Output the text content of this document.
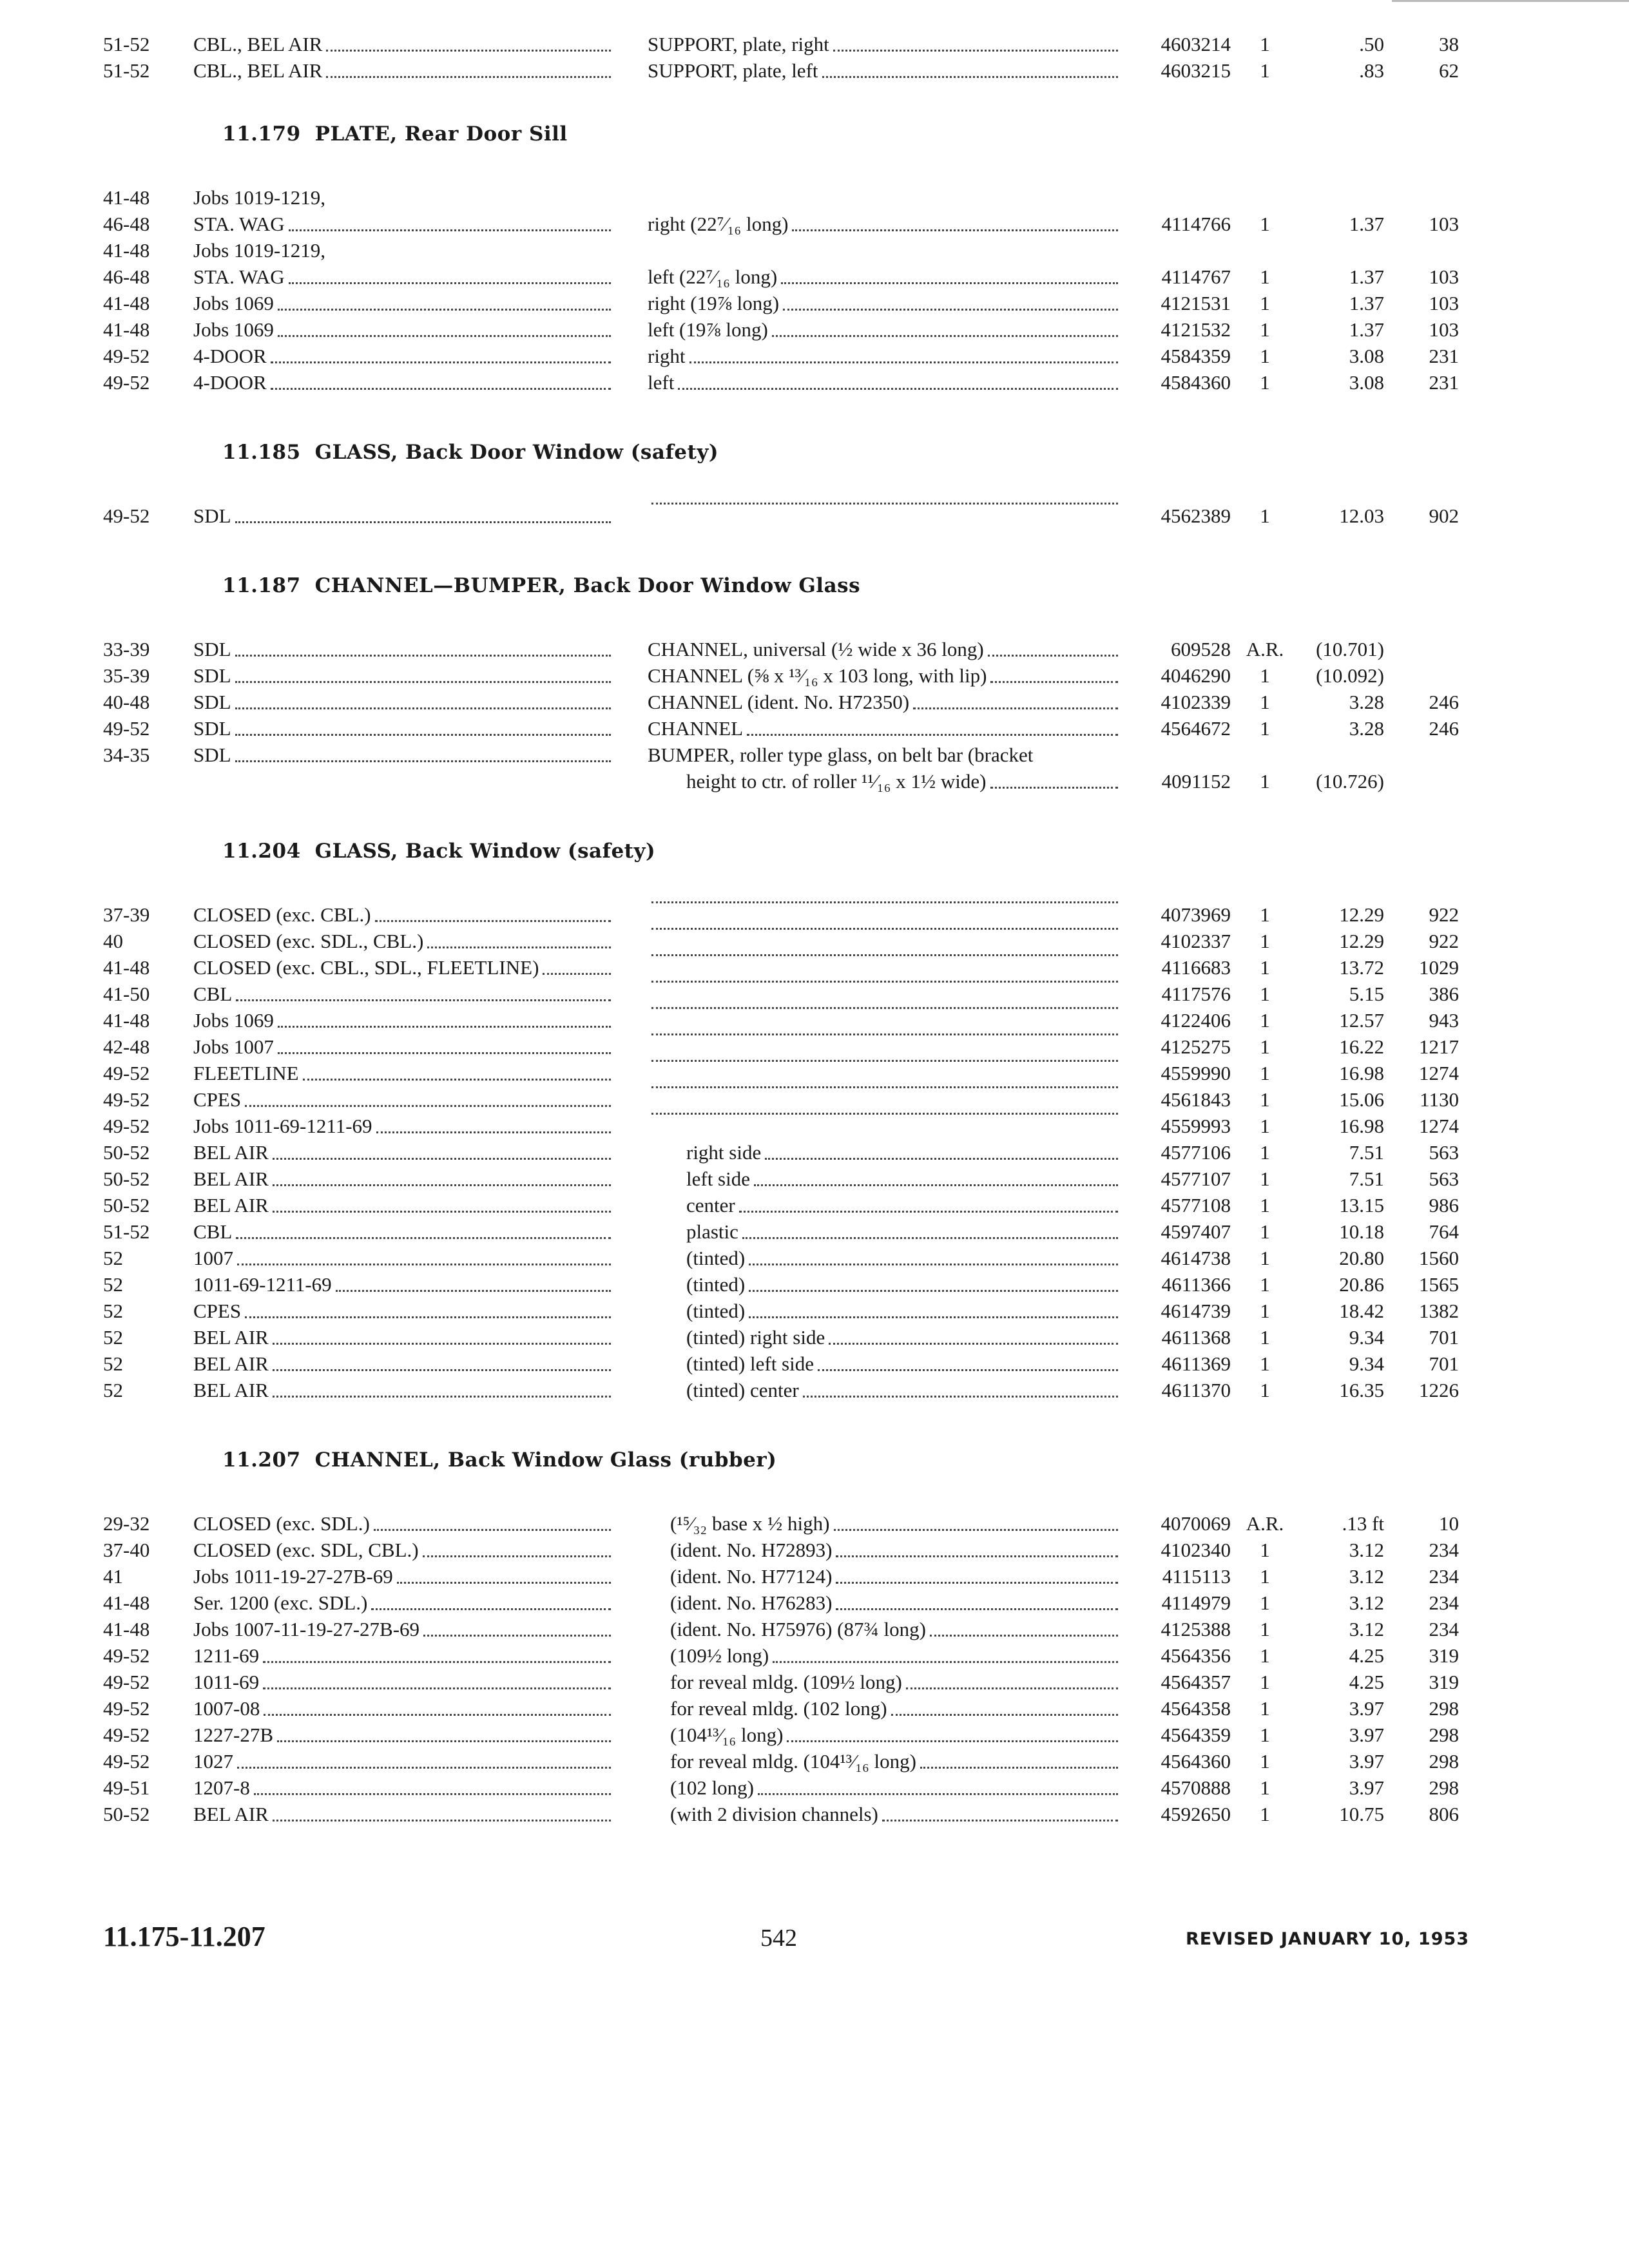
51-52	CBL., BEL AIR	SUPPORT, plate, right	4603214	1	.50	38
51-52	CBL., BEL AIR	SUPPORT, plate, left	4603215	1	.83	62
11.179 PLATE, Rear Door Sill
41-48	Jobs 1019-1219,
46-48	STA. WAG	right (22⁷⁄₁₆ long)	4114766	1	1.37	103
41-48	Jobs 1019-1219,
46-48	STA. WAG	left (22⁷⁄₁₆ long)	4114767	1	1.37	103
41-48	Jobs 1069	right (19⅞ long)	4121531	1	1.37	103
41-48	Jobs 1069	left (19⅞ long)	4121532	1	1.37	103
49-52	4-DOOR	right	4584359	1	3.08	231
49-52	4-DOOR	left	4584360	1	3.08	231
11.185 GLASS, Back Door Window (safety)
49-52	SDL	4562389	1	12.03	902
11.187 CHANNEL—BUMPER, Back Door Window Glass
33-39	SDL	CHANNEL, universal (½ wide x 36 long)	609528 A.R.	(10.701)
35-39	SDL	CHANNEL (⅝ x ¹³⁄₁₆ x 103 long, with lip)	4046290	1	(10.092)
40-48	SDL	CHANNEL (ident. No. H72350)	4102339	1	3.28	246
49-52	SDL	CHANNEL	4564672	1	3.28	246
34-35	SDL	BUMPER, roller type glass, on belt bar (bracket
height to ctr. of roller ¹¹⁄₁₆ x 1½ wide)	4091152	1	(10.726)
11.204 GLASS, Back Window (safety)
37-39	CLOSED (exc. CBL.)	4073969	1	12.29	922
40	CLOSED (exc. SDL., CBL.)	4102337	1	12.29	922
41-48	CLOSED (exc. CBL., SDL., FLEETLINE)	4116683	1	13.72	1029
41-50	CBL	4117576	1	5.15	386
41-48	Jobs 1069	4122406	1	12.57	943
42-48	Jobs 1007	4125275	1	16.22	1217
49-52	FLEETLINE	4559990	1	16.98	1274
49-52	CPES	4561843	1	15.06	1130
49-52	Jobs 1011-69-1211-69	4559993	1	16.98	1274
50-52	BEL AIR	right side	4577106	1	7.51	563
50-52	BEL AIR	left side	4577107	1	7.51	563
50-52	BEL AIR	center	4577108	1	13.15	986
51-52	CBL	plastic	4597407	1	10.18	764
52	1007	(tinted)	4614738	1	20.80	1560
52	1011-69-1211-69	(tinted)	4611366	1	20.86	1565
52	CPES	(tinted)	4614739	1	18.42	1382
52	BEL AIR	(tinted) right side	4611368	1	9.34	701
52	BEL AIR	(tinted) left side	4611369	1	9.34	701
52	BEL AIR	(tinted) center	4611370	1	16.35	1226
11.207 CHANNEL, Back Window Glass (rubber)
29-32	CLOSED (exc. SDL.)	(¹⁵⁄₃₂ base x ½ high)	4070069 A.R.	.13 ft	10
37-40	CLOSED (exc. SDL, CBL.)	(ident. No. H72893)	4102340	1	3.12	234
41	Jobs 1011-19-27-27B-69	(ident. No. H77124)	4115113	1	3.12	234
41-48	Ser. 1200 (exc. SDL.)	(ident. No. H76283)	4114979	1	3.12	234
41-48	Jobs 1007-11-19-27-27B-69	(ident. No. H75976) (87¾ long)	4125388	1	3.12	234
49-52	1211-69	(109½ long)	4564356	1	4.25	319
49-52	1011-69	for reveal mldg. (109½ long)	4564357	1	4.25	319
49-52	1007-08	for reveal mldg. (102 long)	4564358	1	3.97	298
49-52	1227-27B	(104¹³⁄₁₆ long)	4564359	1	3.97	298
49-52	1027	for reveal mldg. (104¹³⁄₁₆ long)	4564360	1	3.97	298
49-51	1207-8	(102 long)	4570888	1	3.97	298
50-52	BEL AIR	(with 2 division channels)	4592650	1	10.75	806
11.175-11.207	542	REVISED JANUARY 10, 1953
